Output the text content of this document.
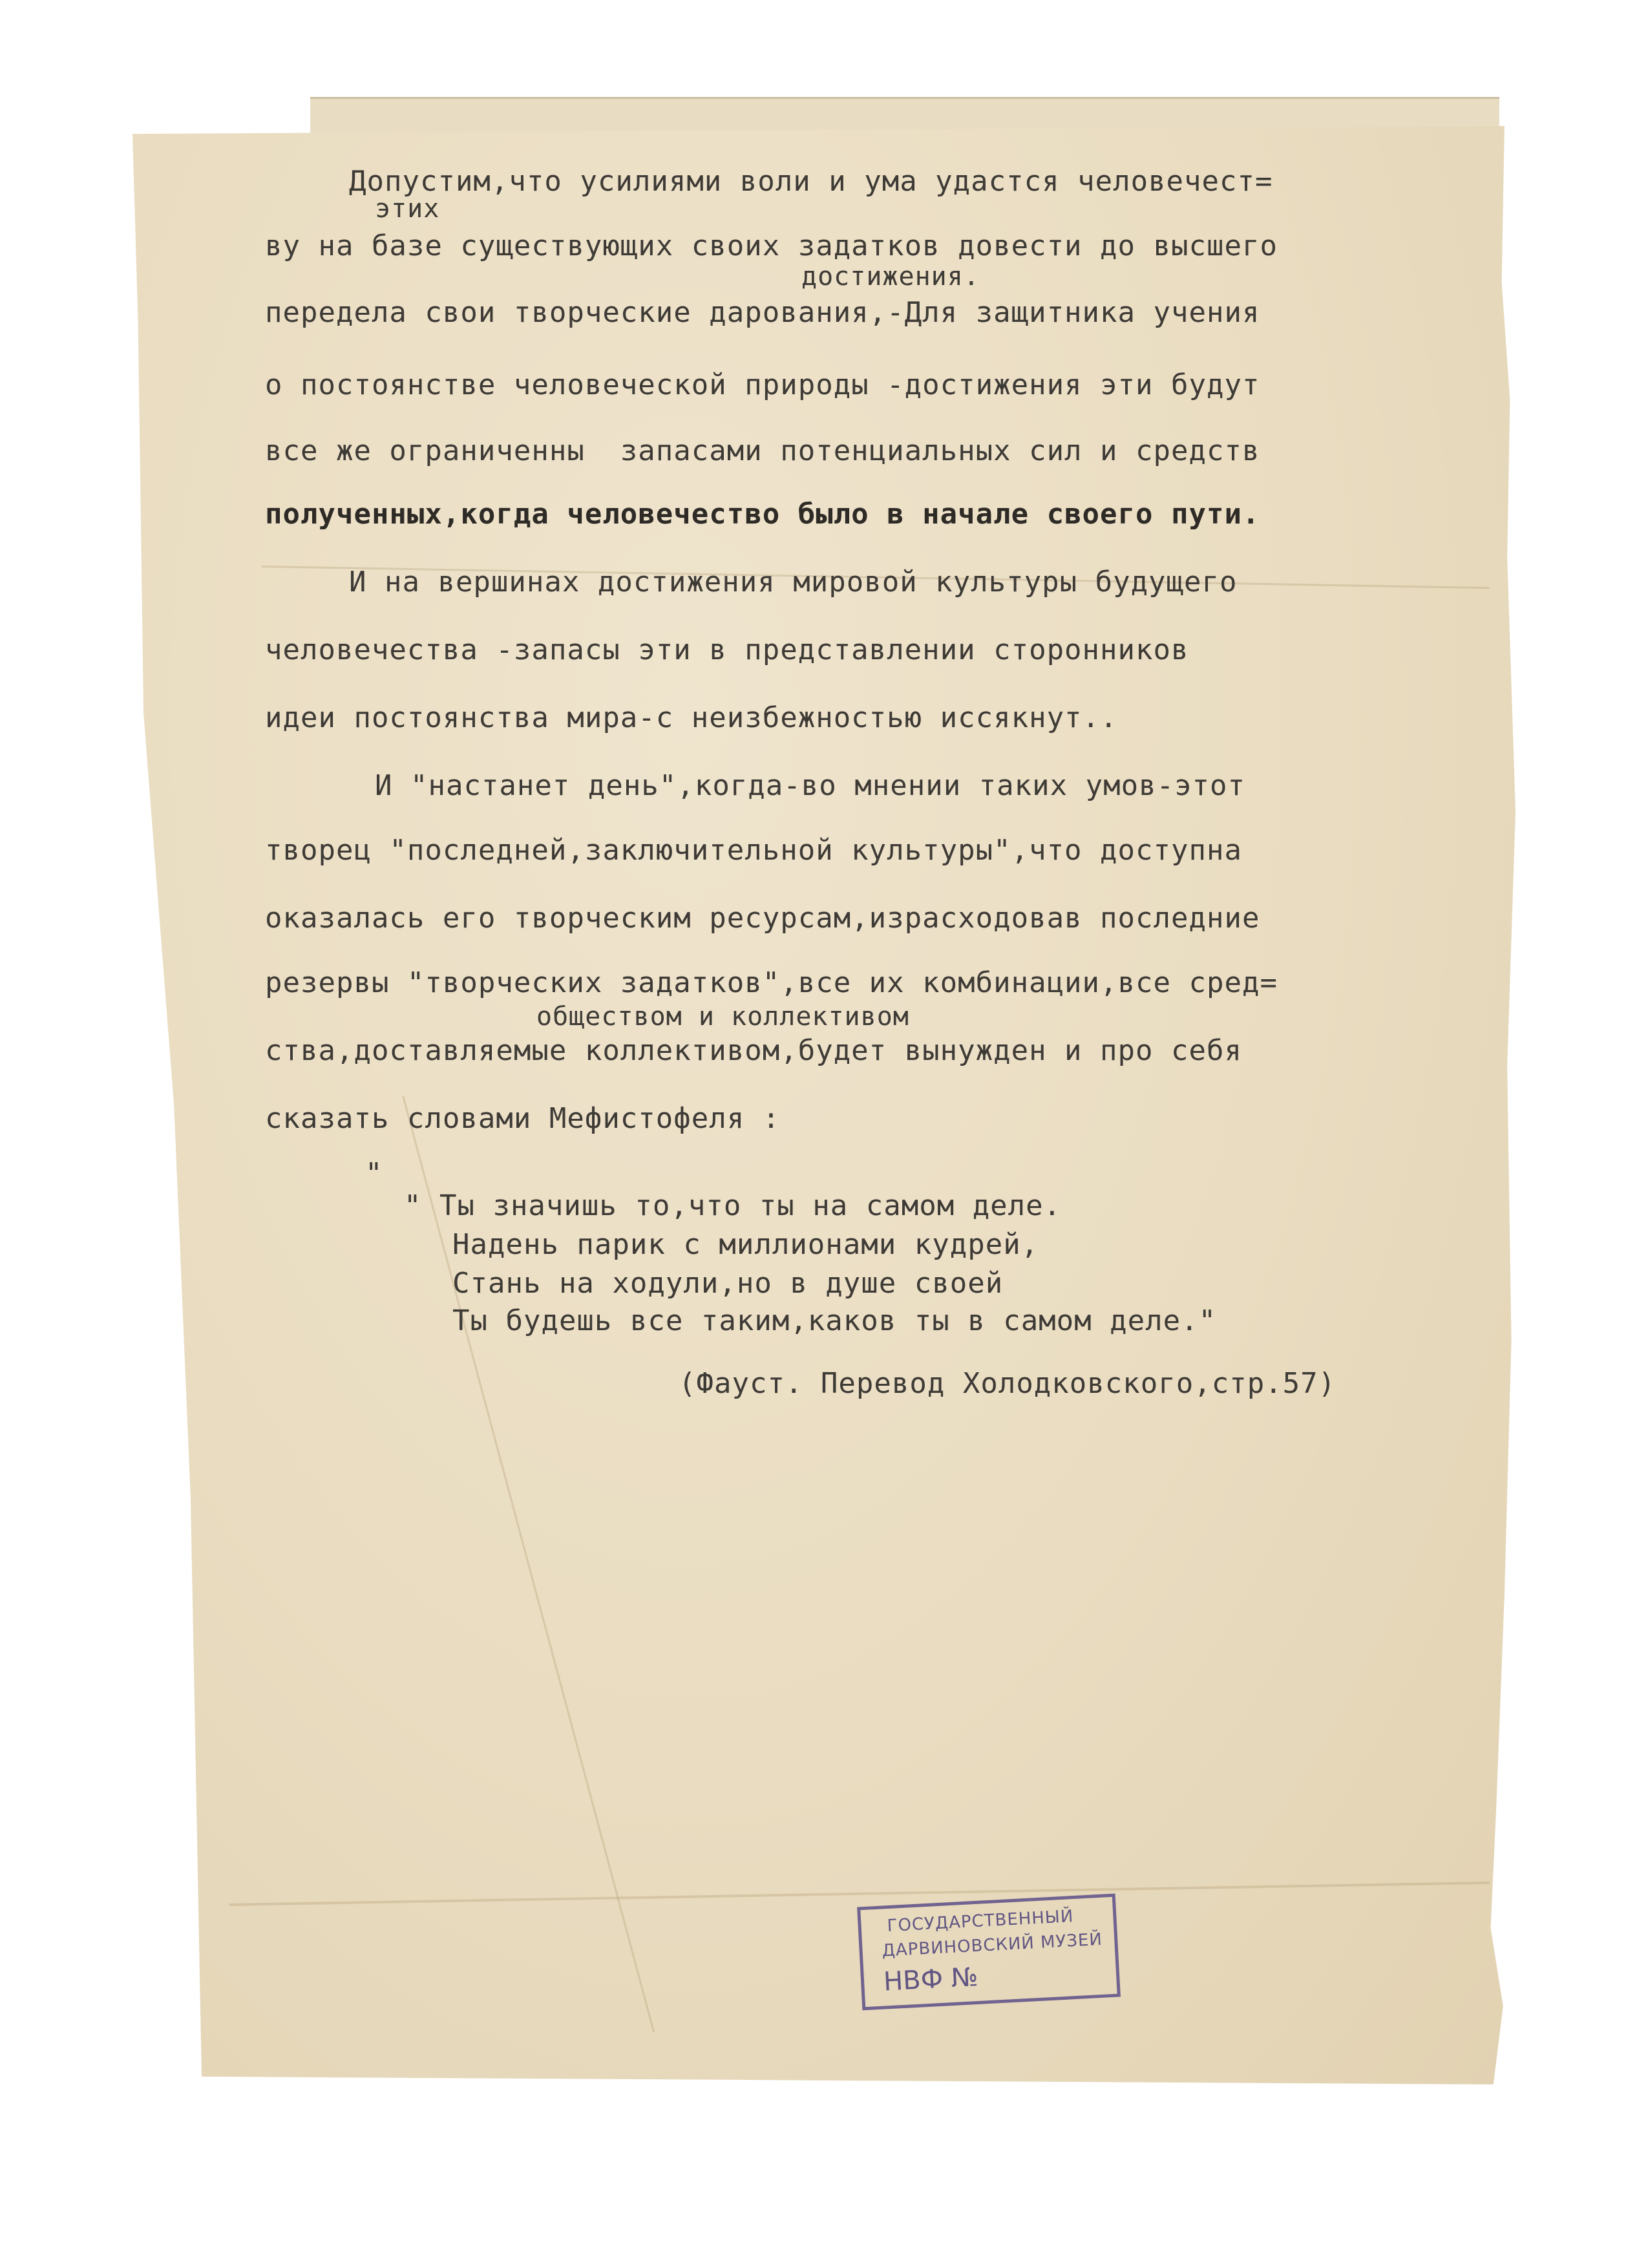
Допустим,что усилиями воли и ума удастся человечест=
этих
ву на базе существующих своих задатков довести до высшего
достижения.
передела свои творческие дарования,-Для защитника учения
о постоянстве человеческой природы -достижения эти будут
все же ограниченны  запасами потенциальных сил и средств
полученных,когда человечество было в начале своего пути.
И на вершинах достижения мировой культуры будущего
человечества -запасы эти в представлении сторонников
идеи постоянства мира-с неизбежностью иссякнут..
И "настанет день",когда-во мнении таких умов-этот
творец "последней,заключительной культуры",что доступна
оказалась его творческим ресурсам,израсходовав последние
резервы "творческих задатков",все их комбинации,все сред=
обществом и коллективом
ства,доставляемые коллективом,будет вынужден и про себя
сказать словами Мефистофеля :
"
" Ты значишь то,что ты на самом деле.
Надень парик с миллионами кудрей,
Стань на ходули,но в душе своей
Ты будешь все таким,каков ты в самом деле."
(Фауст. Перевод Холодковского,стр.57)
ГОСУДАРСТВЕННЫЙ
ДАРВИНОВСКИЙ МУЗЕЙ
НВФ №
